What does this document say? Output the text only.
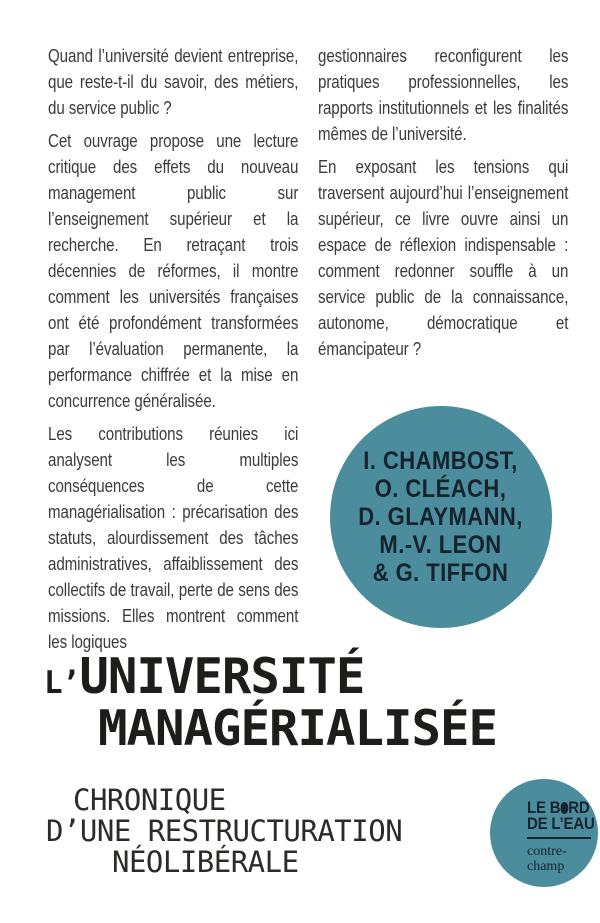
Quand l’université devient entreprise, que reste-t-il du savoir, des métiers, du service public ?

Cet ouvrage propose une lecture critique des effets du nouveau management public sur l’enseignement supérieur et la recherche. En retraçant trois décennies de réformes, il montre comment les universités françaises ont été profondément transformées par l’évaluation permanente, la performance chiffrée et la mise en concurrence généralisée.

Les contributions réunies ici analysent les multiples conséquences de cette managérialisation : précarisation des statuts, alourdissement des tâches administratives, affaiblissement des collectifs de travail, perte de sens des missions. Elles montrent comment les logiques

gestionnaires reconfigurent les pratiques professionnelles, les rapports institutionnels et les finalités mêmes de l’université.

En exposant les tensions qui traversent aujourd’hui l’enseignement supérieur, ce livre ouvre ainsi un espace de réflexion indispensable : comment redonner souffle à un service public de la connaissance, autonome, démocratique et émancipateur ?

I. CHAMBOST,
O. CLÉACH,
D. GLAYMANN,
M.-V. LEON
& G. TIFFON
L’UNIVERSITÉ
MANAGÉRIALISÉE
CHRONIQUE
D’UNE RESTRUCTURATION
NÉOLIBÉRALE
LE B RD
DE L’EAU
contre-
champ
